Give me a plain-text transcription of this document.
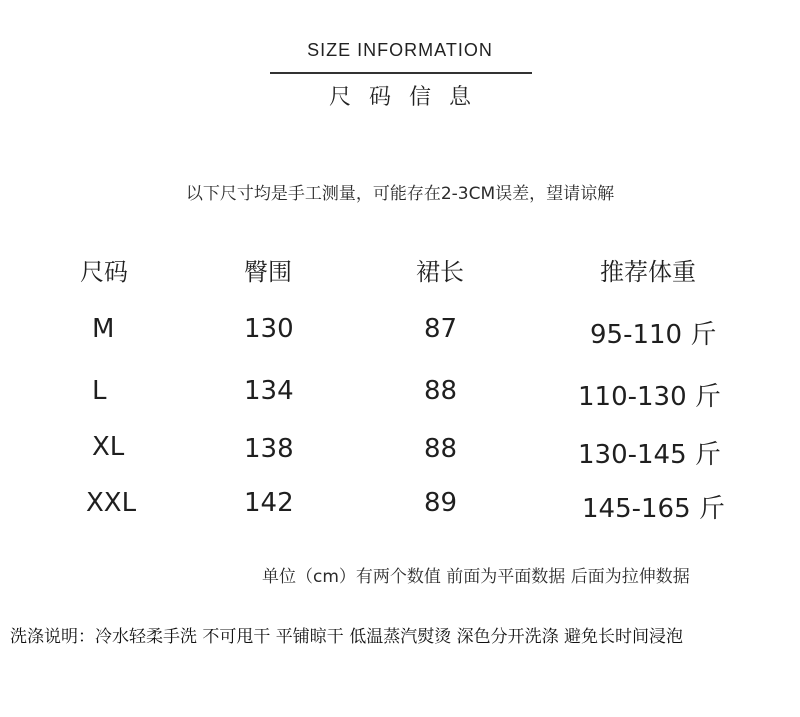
SIZE INFORMATION
尺码信息
以下尺寸均是手工测量，可能存在2-3CM误差，望请谅解
尺码	臀围	裙长	推荐体重
M	130	87	95-110 斤
L	134	88	110-130 斤
XL	138	88	130-145 斤
XXL	142	89	145-165 斤
单位（cm）有两个数值 前面为平面数据 后面为拉伸数据
洗涤说明：冷水轻柔手洗 不可甩干 平铺晾干 低温蒸汽熨烫 深色分开洗涤 避免长时间浸泡
